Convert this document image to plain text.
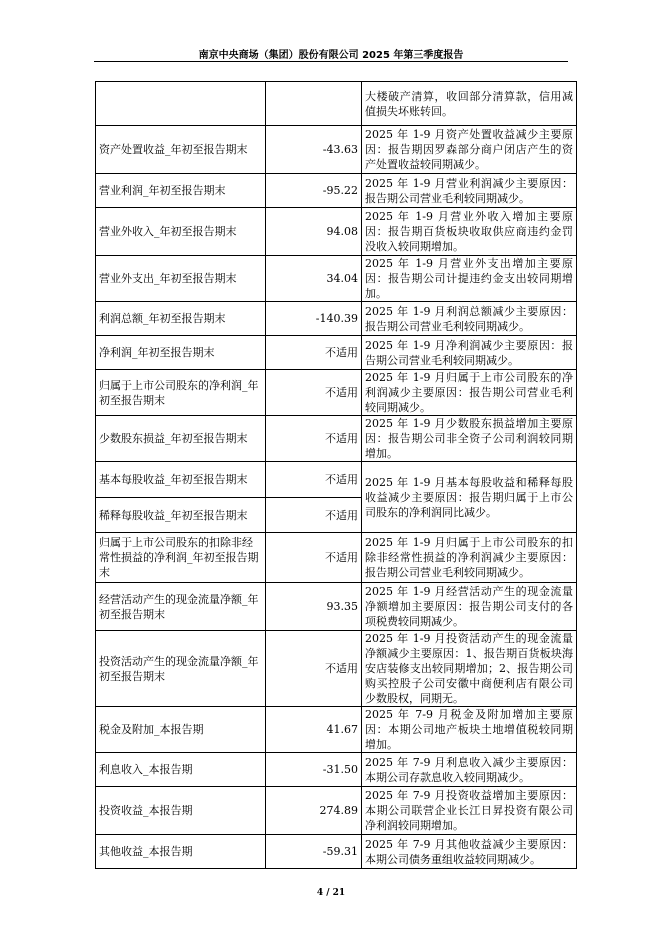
南京中央商场（集团）股份有限公司 2025 年第三季度报告
		大楼破产清算，收回部分清算款，信用减值损失坏账转回。
资产处置收益_年初至报告期末	-43.63	2025 年 1-9 月资产处置收益减少主要原因：报告期因罗森部分商户闭店产生的资产处置收益较同期减少。
营业利润_年初至报告期末	-95.22	2025 年 1-9 月营业利润减少主要原因：报告期公司营业毛利较同期减少。
营业外收入_年初至报告期末	94.08	2025 年 1-9 月营业外收入增加主要原因：报告期百货板块收取供应商违约金罚没收入较同期增加。
营业外支出_年初至报告期末	34.04	2025 年 1-9 月营业外支出增加主要原因：报告期公司计提违约金支出较同期增加。
利润总额_年初至报告期末	-140.39	2025 年 1-9 月利润总额减少主要原因：报告期公司营业毛利较同期减少。
净利润_年初至报告期末	不适用	2025 年 1-9 月净利润减少主要原因：报告期公司营业毛利较同期减少。
归属于上市公司股东的净利润_年初至报告期末	不适用	2025 年 1-9 月归属于上市公司股东的净利润减少主要原因：报告期公司营业毛利较同期减少。
少数股东损益_年初至报告期末	不适用	2025 年 1-9 月少数股东损益增加主要原因：报告期公司非全资子公司利润较同期增加。
基本每股收益_年初至报告期末	不适用	2025 年 1-9 月基本每股收益和稀释每股收益减少主要原因：报告期归属于上市公司股东的净利润同比减少。
稀释每股收益_年初至报告期末	不适用	
归属于上市公司股东的扣除非经常性损益的净利润_年初至报告期末	不适用	2025 年 1-9 月归属于上市公司股东的扣除非经常性损益的净利润减少主要原因：报告期公司营业毛利较同期减少。
经营活动产生的现金流量净额_年初至报告期末	93.35	2025 年 1-9 月经营活动产生的现金流量净额增加主要原因：报告期公司支付的各项税费较同期减少。
投资活动产生的现金流量净额_年初至报告期末	不适用	2025 年 1-9 月投资活动产生的现金流量净额减少主要原因：1、报告期百货板块海安店装修支出较同期增加；2、报告期公司购买控股子公司安徽中商便利店有限公司少数股权，同期无。
税金及附加_本报告期	41.67	2025 年 7-9 月税金及附加增加主要原因：本期公司地产板块土地增值税较同期增加。
利息收入_本报告期	-31.50	2025 年 7-9 月利息收入减少主要原因：本期公司存款息收入较同期减少。
投资收益_本报告期	274.89	2025 年 7-9 月投资收益增加主要原因：本期公司联营企业长江日昇投资有限公司净利润较同期增加。
其他收益_本报告期	-59.31	2025 年 7-9 月其他收益减少主要原因：本期公司债务重组收益较同期减少。
4 / 21
